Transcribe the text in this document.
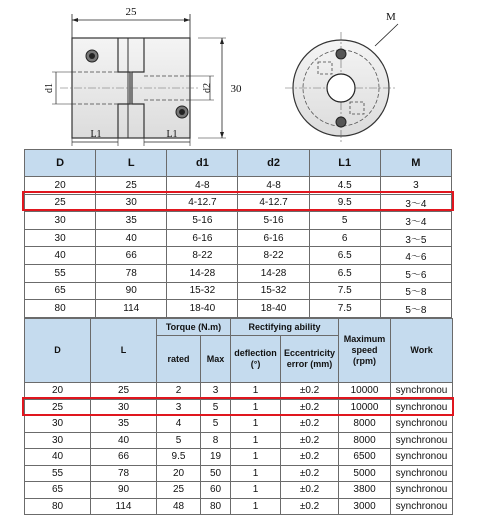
25
d1	d2 30
L1	L1
M
D	L	d1	d2	L1	M
20	25	4-8	4-8	4.5	3
25	30	4-12.7	4-12.7	9.5	3～4
30	35	5-16	5-16	5	3～4
30	40	6-16	6-16	6	3～5
40	66	8-22	8-22	6.5	4～6
55	78	14-28	14-28	6.5	5～6
65	90	15-32	15-32	7.5	5～8
80	114	18-40	18-40	7.5	5～8
D	L	Torque (N.m)		Rectifying ability		Maximum speed (rpm)	Work
		rated	Max	deflection (°)	Eccentricity error (mm)		
20	25	2	3	1	±0.2	10000	synchronou
25	30	3	5	1	±0.2	10000	synchronou
30	35	4	5	1	±0.2	8000	synchronou
30	40	5	8	1	±0.2	8000	synchronou
40	66	9.5	19	1	±0.2	6500	synchronou
55	78	20	50	1	±0.2	5000	synchronou
65	90	25	60	1	±0.2	3800	synchronou
80	114	48	80	1	±0.2	3000	synchronou
